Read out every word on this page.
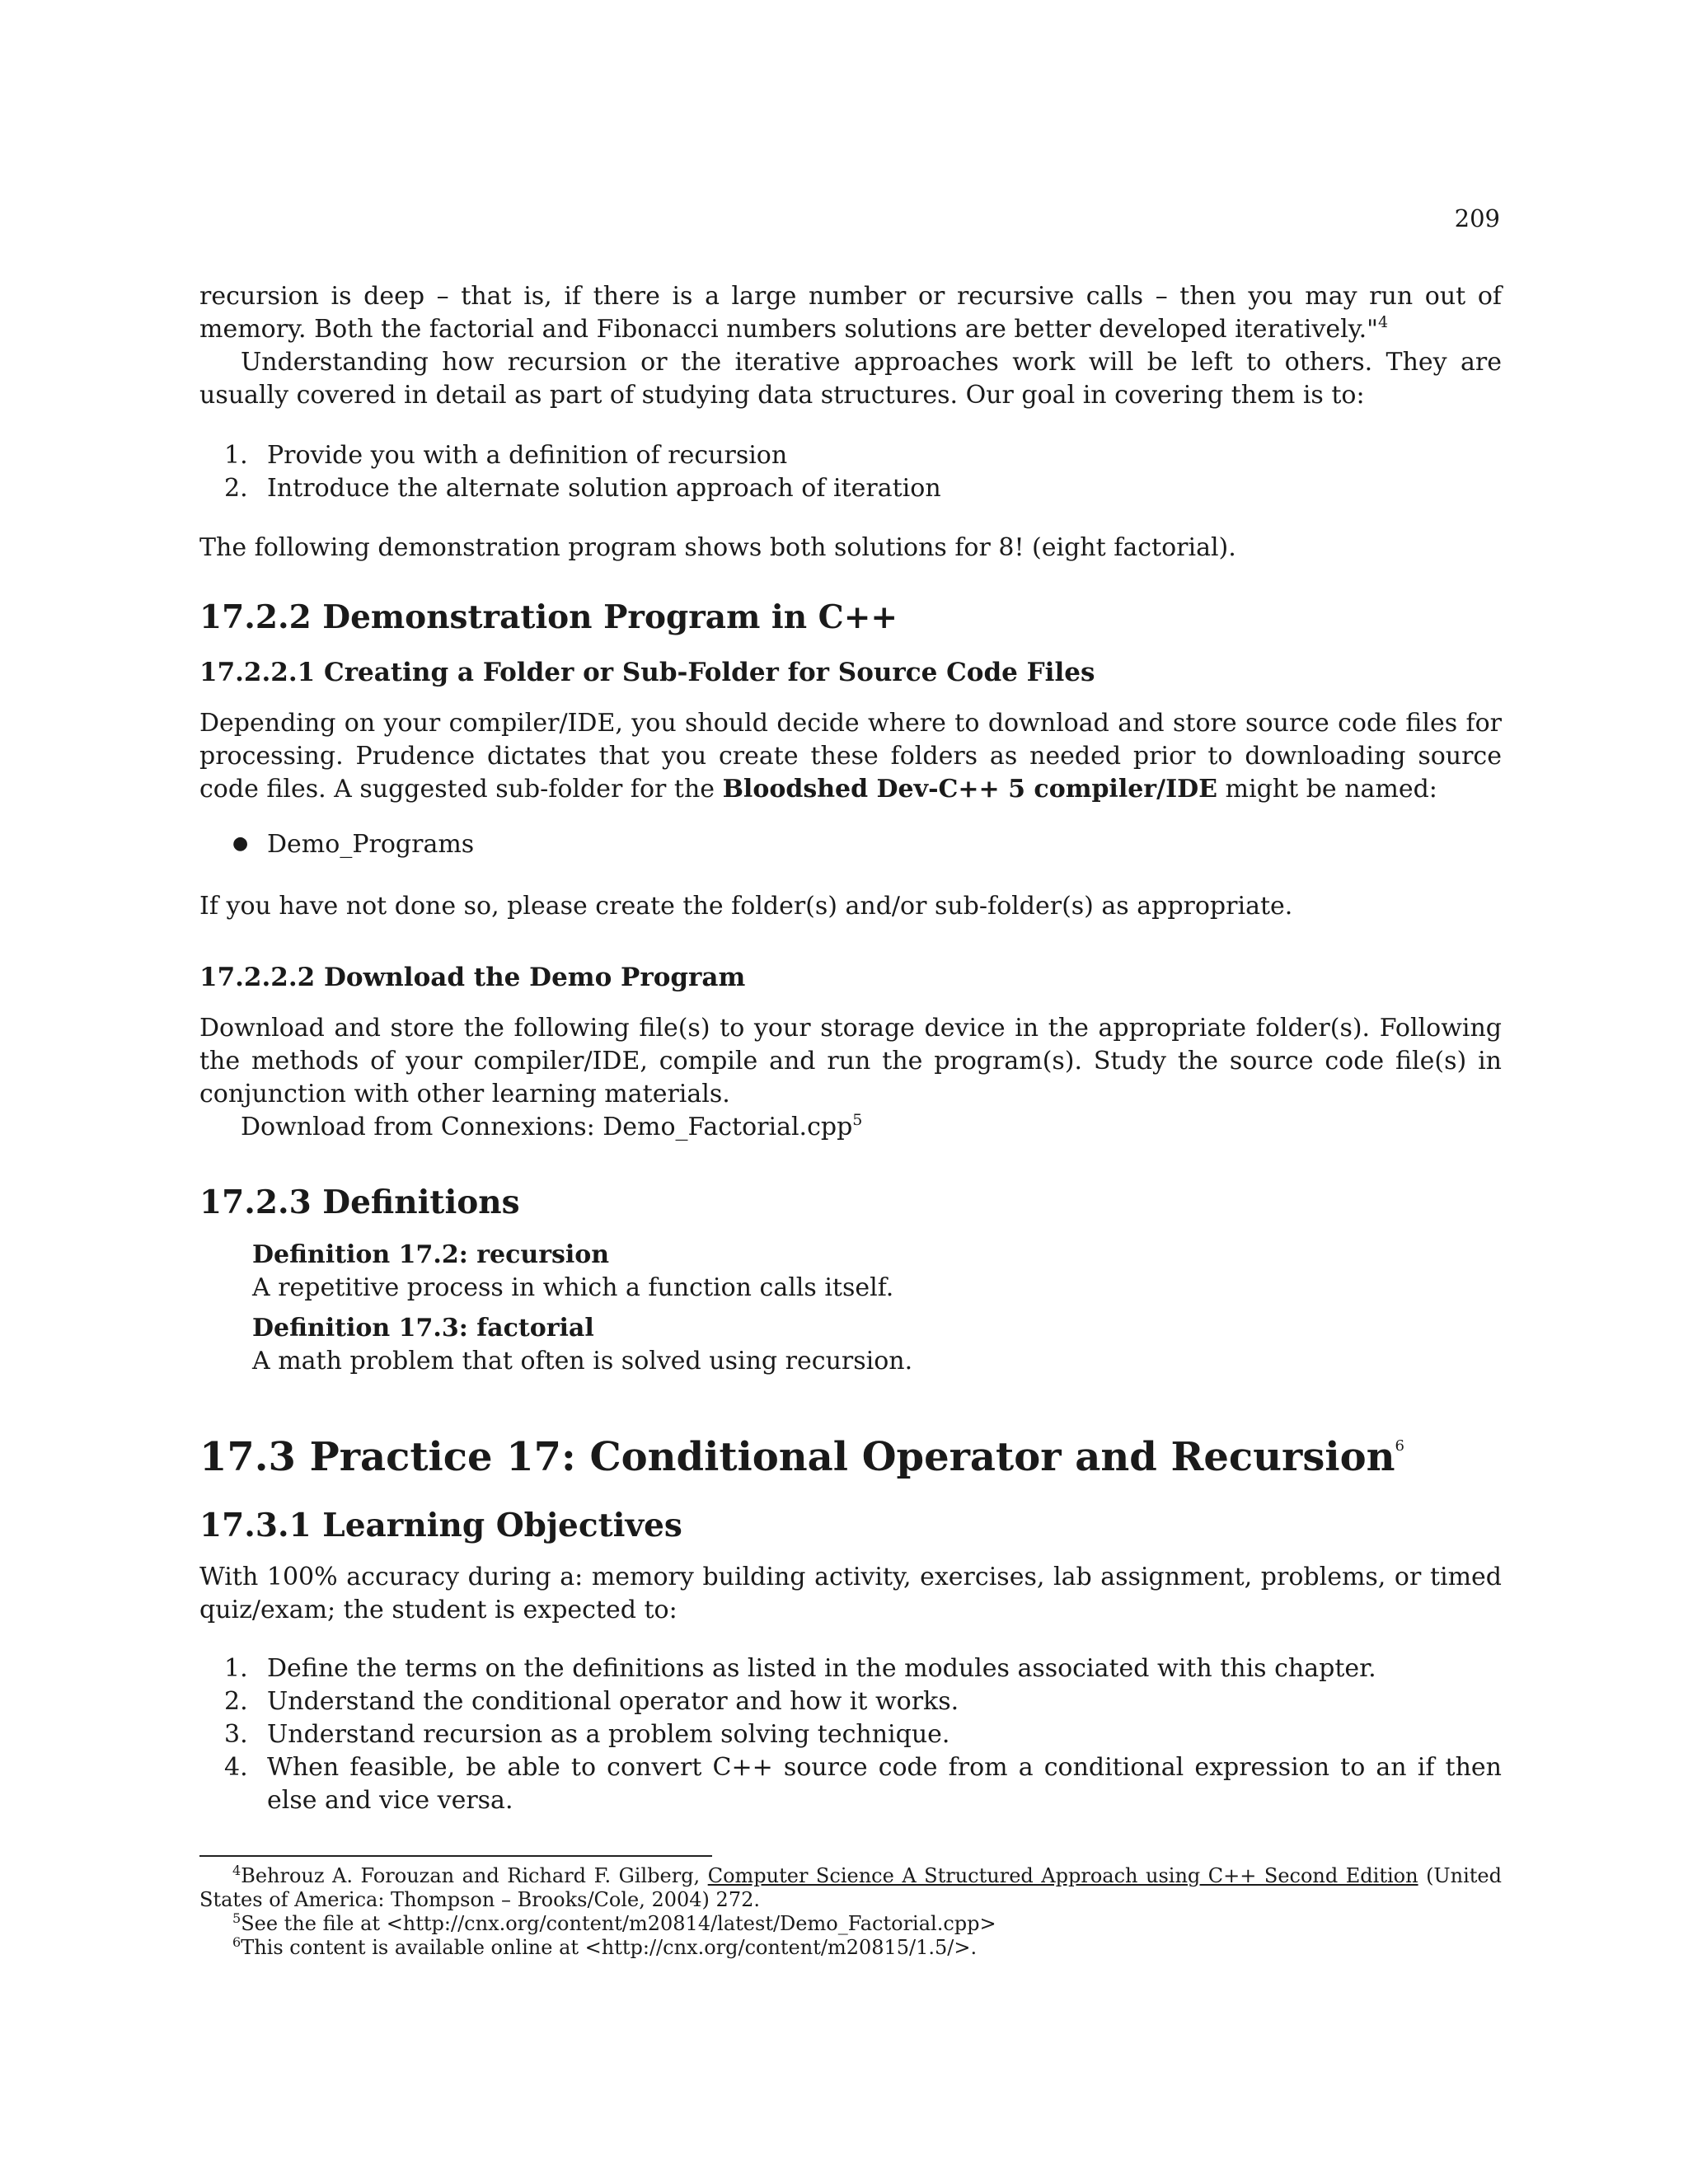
209
recursion is deep – that is, if there is a large number or recursive calls – then you may run out of memory. Both the factorial and Fibonacci numbers solutions are better developed iteratively."$^4$
Understanding how recursion or the iterative approaches work will be left to others. They are usually covered in detail as part of studying data structures. Our goal in covering them is to:
1. Provide you with a definition of recursion
2. Introduce the alternate solution approach of iteration
The following demonstration program shows both solutions for 8! (eight factorial).
17.2.2 Demonstration Program in C++
17.2.2.1 Creating a Folder or Sub-Folder for Source Code Files
Depending on your compiler/IDE, you should decide where to download and store source code files for processing. Prudence dictates that you create these folders as needed prior to downloading source code files. A suggested sub-folder for the Bloodshed Dev-C++ 5 compiler/IDE might be named:
● Demo_Programs
If you have not done so, please create the folder(s) and/or sub-folder(s) as appropriate.
17.2.2.2 Download the Demo Program
Download and store the following file(s) to your storage device in the appropriate folder(s). Following the methods of your compiler/IDE, compile and run the program(s). Study the source code file(s) in conjunction with other learning materials.
Download from Connexions: Demo_Factorial.cpp$^5$
17.2.3 Definitions
Definition 17.2: recursion
A repetitive process in which a function calls itself.
Definition 17.3: factorial
A math problem that often is solved using recursion.
17.3 Practice 17: Conditional Operator and Recursion$^6$
17.3.1 Learning Objectives
With 100% accuracy during a: memory building activity, exercises, lab assignment, problems, or timed quiz/exam; the student is expected to:
1. Define the terms on the definitions as listed in the modules associated with this chapter.
2. Understand the conditional operator and how it works.
3. Understand recursion as a problem solving technique.
4. When feasible, be able to convert C++ source code from a conditional expression to an if then else and vice versa.
$^4$Behrouz A. Forouzan and Richard F. Gilberg, Computer Science A Structured Approach using C++ Second Edition (United States of America: Thompson – Brooks/Cole, 2004) 272.
$^5$See the file at <http://cnx.org/content/m20814/latest/Demo_Factorial.cpp>
$^6$This content is available online at <http://cnx.org/content/m20815/1.5/>.
